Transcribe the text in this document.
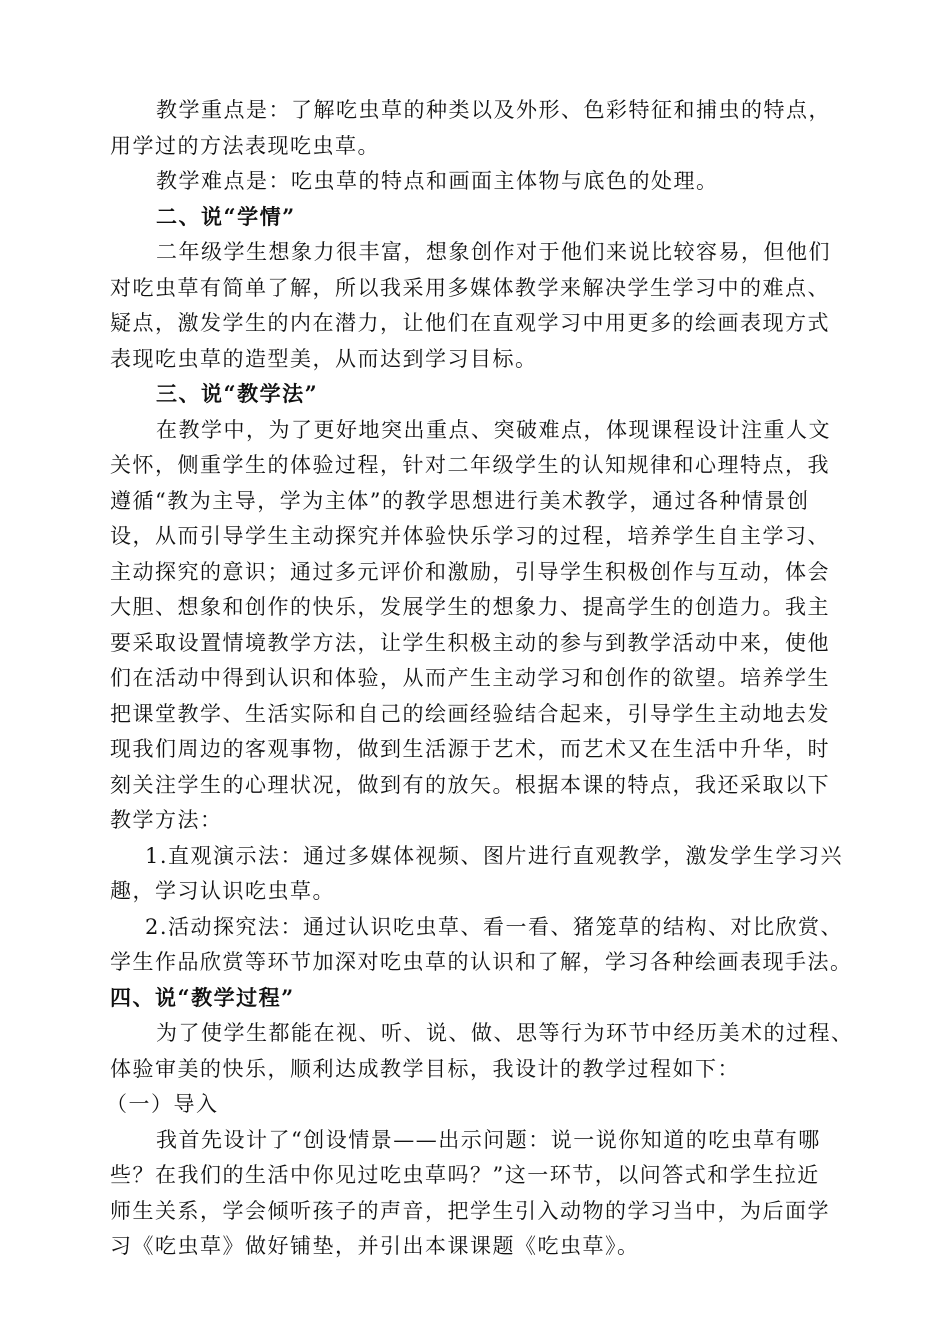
教学重点是：了解吃虫草的种类以及外形、色彩特征和捕虫的特点，
用学过的方法表现吃虫草。
教学难点是：吃虫草的特点和画面主体物与底色的处理。
二、说“学情”
二年级学生想象力很丰富，想象创作对于他们来说比较容易，但他们
对吃虫草有简单了解，所以我采用多媒体教学来解决学生学习中的难点、
疑点，激发学生的内在潜力，让他们在直观学习中用更多的绘画表现方式
表现吃虫草的造型美，从而达到学习目标。
三、说“教学法”
在教学中，为了更好地突出重点、突破难点，体现课程设计注重人文
关怀，侧重学生的体验过程，针对二年级学生的认知规律和心理特点，我
遵循“教为主导，学为主体”的教学思想进行美术教学，通过各种情景创
设，从而引导学生主动探究并体验快乐学习的过程，培养学生自主学习、
主动探究的意识；通过多元评价和激励，引导学生积极创作与互动，体会
大胆、想象和创作的快乐，发展学生的想象力、提高学生的创造力。我主
要采取设置情境教学方法，让学生积极主动的参与到教学活动中来，使他
们在活动中得到认识和体验，从而产生主动学习和创作的欲望。培养学生
把课堂教学、生活实际和自己的绘画经验结合起来，引导学生主动地去发
现我们周边的客观事物，做到生活源于艺术，而艺术又在生活中升华，时
刻关注学生的心理状况，做到有的放矢。根据本课的特点，我还采取以下
教学方法：
1.直观演示法：通过多媒体视频、图片进行直观教学，激发学生学习兴
趣，学习认识吃虫草。
2.活动探究法：通过认识吃虫草、看一看、猪笼草的结构、对比欣赏、
学生作品欣赏等环节加深对吃虫草的认识和了解，学习各种绘画表现手法。
四、说“教学过程”
为了使学生都能在视、听、说、做、思等行为环节中经历美术的过程、
体验审美的快乐，顺利达成教学目标，我设计的教学过程如下：
（一）导入
我首先设计了“创设情景——出示问题：说一说你知道的吃虫草有哪
些？在我们的生活中你见过吃虫草吗？”这一环节，以问答式和学生拉近
师生关系，学会倾听孩子的声音，把学生引入动物的学习当中，为后面学
习《吃虫草》做好铺垫，并引出本课课题《吃虫草》。
